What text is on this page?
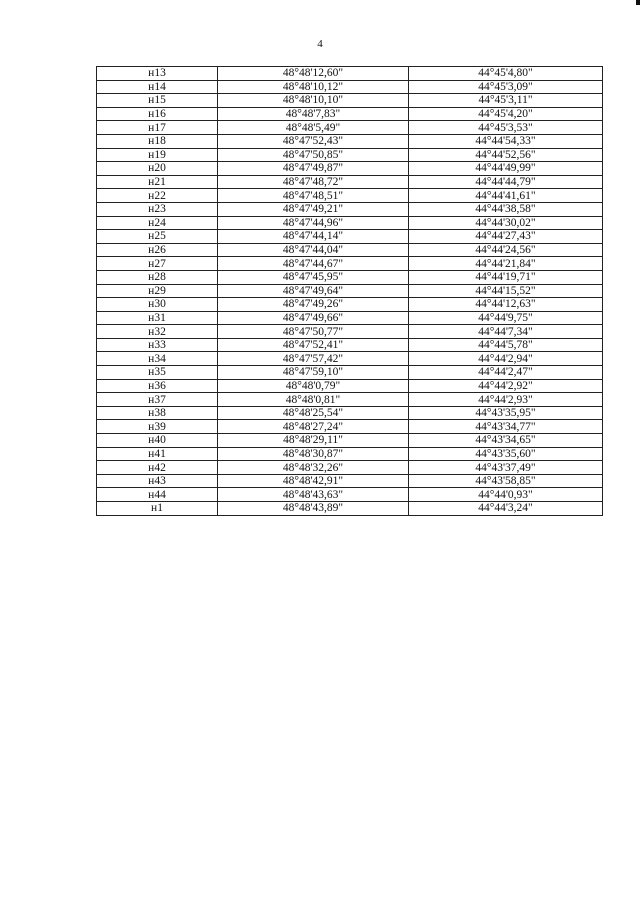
4
н13	48°48'12,60"	44°45'4,80"
н14	48°48'10,12"	44°45'3,09"
н15	48°48'10,10"	44°45'3,11"
н16	48°48'7,83"	44°45'4,20"
н17	48°48'5,49"	44°45'3,53"
н18	48°47'52,43"	44°44'54,33"
н19	48°47'50,85"	44°44'52,56"
н20	48°47'49,87"	44°44'49,99"
н21	48°47'48,72"	44°44'44,79"
н22	48°47'48,51"	44°44'41,61"
н23	48°47'49,21"	44°44'38,58"
н24	48°47'44,96"	44°44'30,02"
н25	48°47'44,14"	44°44'27,43"
н26	48°47'44,04"	44°44'24,56"
н27	48°47'44,67"	44°44'21,84"
н28	48°47'45,95"	44°44'19,71"
н29	48°47'49,64"	44°44'15,52"
н30	48°47'49,26"	44°44'12,63"
н31	48°47'49,66"	44°44'9,75"
н32	48°47'50,77"	44°44'7,34"
н33	48°47'52,41"	44°44'5,78"
н34	48°47'57,42"	44°44'2,94"
н35	48°47'59,10"	44°44'2,47"
н36	48°48'0,79"	44°44'2,92"
н37	48°48'0,81"	44°44'2,93"
н38	48°48'25,54"	44°43'35,95"
н39	48°48'27,24"	44°43'34,77"
н40	48°48'29,11"	44°43'34,65"
н41	48°48'30,87"	44°43'35,60"
н42	48°48'32,26"	44°43'37,49"
н43	48°48'42,91"	44°43'58,85"
н44	48°48'43,63"	44°44'0,93"
н1	48°48'43,89"	44°44'3,24"
